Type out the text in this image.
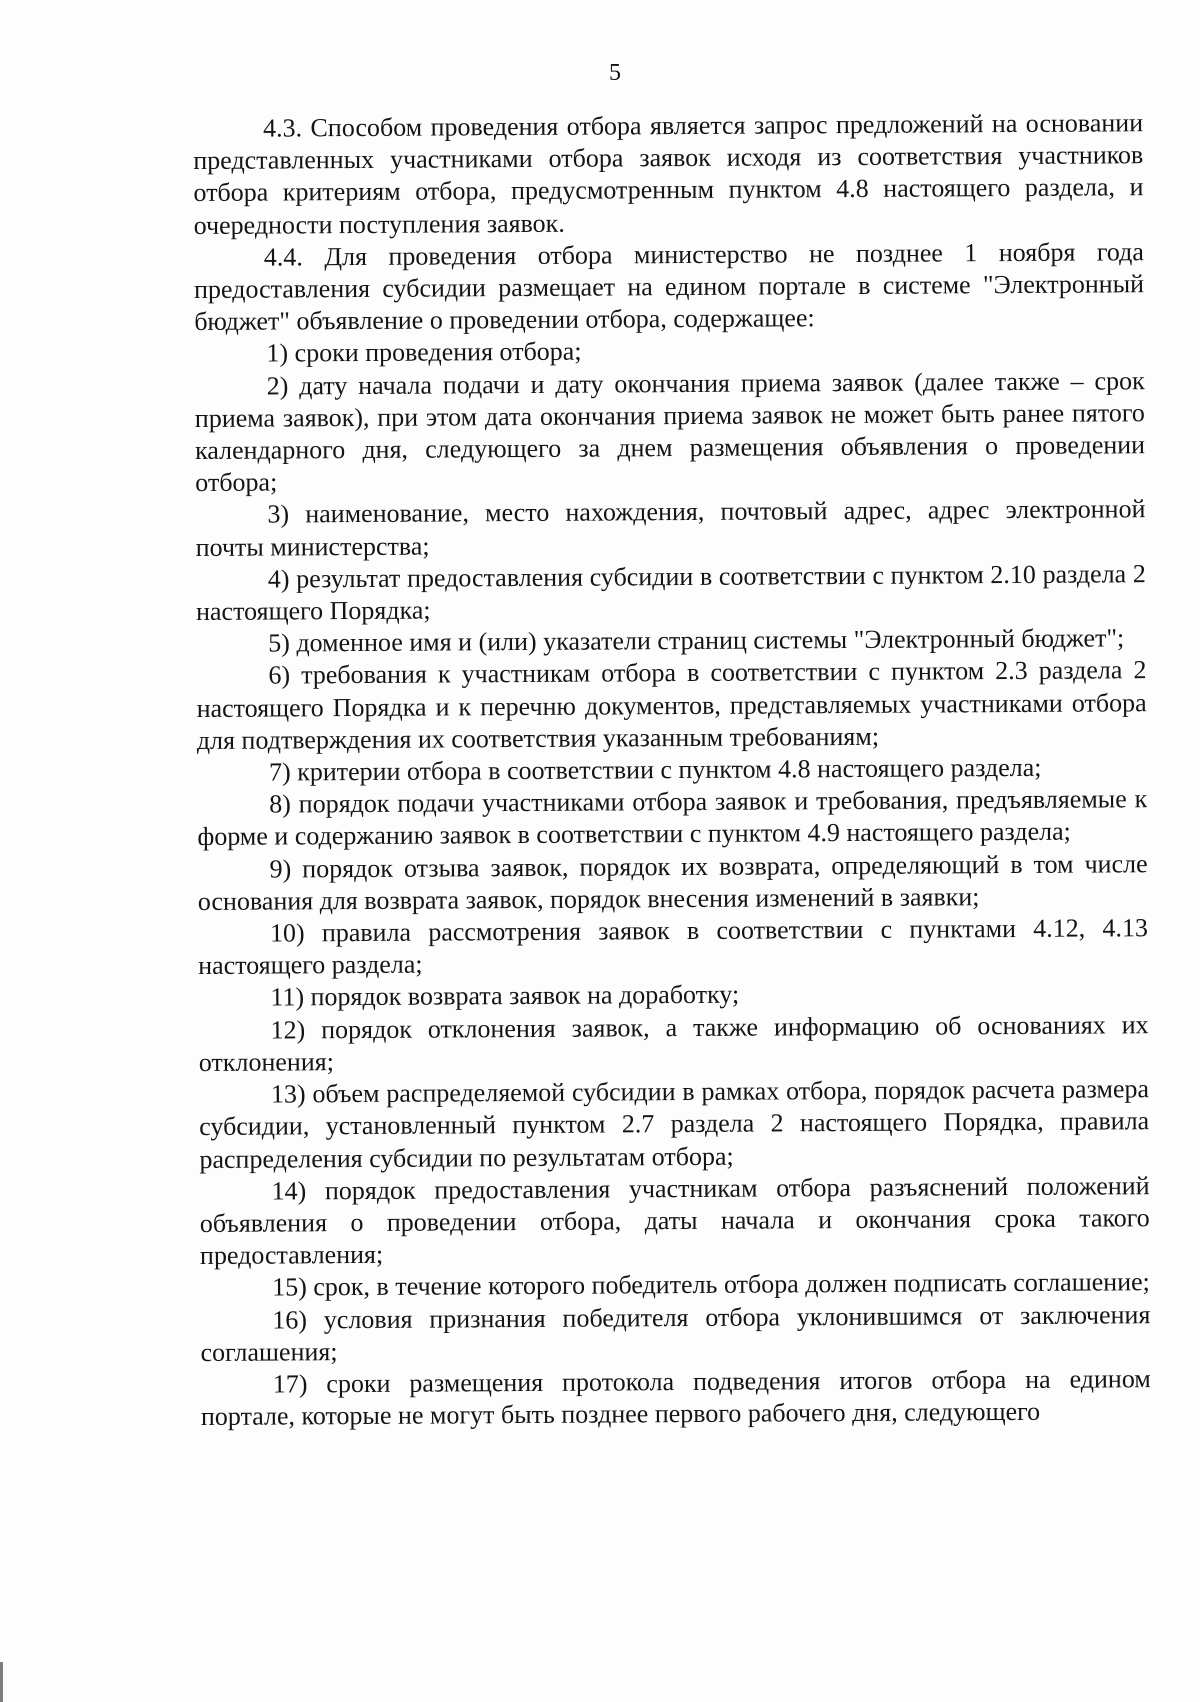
5

4.3. Способом проведения отбора является запрос предложений на основании представленных участниками отбора заявок исходя из соответствия участников отбора критериям отбора, предусмотренным пунктом 4.8 настоящего раздела, и очередности поступления заявок.

4.4. Для проведения отбора министерство не позднее 1 ноября года предоставления субсидии размещает на едином портале в системе "Электронный бюджет" объявление о проведении отбора, содержащее:

1) сроки проведения отбора;

2) дату начала подачи и дату окончания приема заявок (далее также – срок приема заявок), при этом дата окончания приема заявок не может быть ранее пятого календарного дня, следующего за днем размещения объявления о проведении отбора;

3) наименование, место нахождения, почтовый адрес, адрес электронной почты министерства;

4) результат предоставления субсидии в соответствии с пунктом 2.10 раздела 2 настоящего Порядка;

5) доменное имя и (или) указатели страниц системы "Электронный бюджет";

6) требования к участникам отбора в соответствии с пунктом 2.3 раздела 2 настоящего Порядка и к перечню документов, представляемых участниками отбора для подтверждения их соответствия указанным требованиям;

7) критерии отбора в соответствии с пунктом 4.8 настоящего раздела;

8) порядок подачи участниками отбора заявок и требования, предъявляемые к форме и содержанию заявок в соответствии с пунктом 4.9 настоящего раздела;

9) порядок отзыва заявок, порядок их возврата, определяющий в том числе основания для возврата заявок, порядок внесения изменений в заявки;

10) правила рассмотрения заявок в соответствии с пунктами 4.12, 4.13 настоящего раздела;

11) порядок возврата заявок на доработку;

12) порядок отклонения заявок, а также информацию об основаниях их отклонения;

13) объем распределяемой субсидии в рамках отбора, порядок расчета размера субсидии, установленный пунктом 2.7 раздела 2 настоящего Порядка, правила распределения субсидии по результатам отбора;

14) порядок предоставления участникам отбора разъяснений положений объявления о проведении отбора, даты начала и окончания срока такого предоставления;

15) срок, в течение которого победитель отбора должен подписать соглашение;

16) условия признания победителя отбора уклонившимся от заключения соглашения;

17) сроки размещения протокола подведения итогов отбора на едином портале, которые не могут быть позднее первого рабочего дня, следующего
